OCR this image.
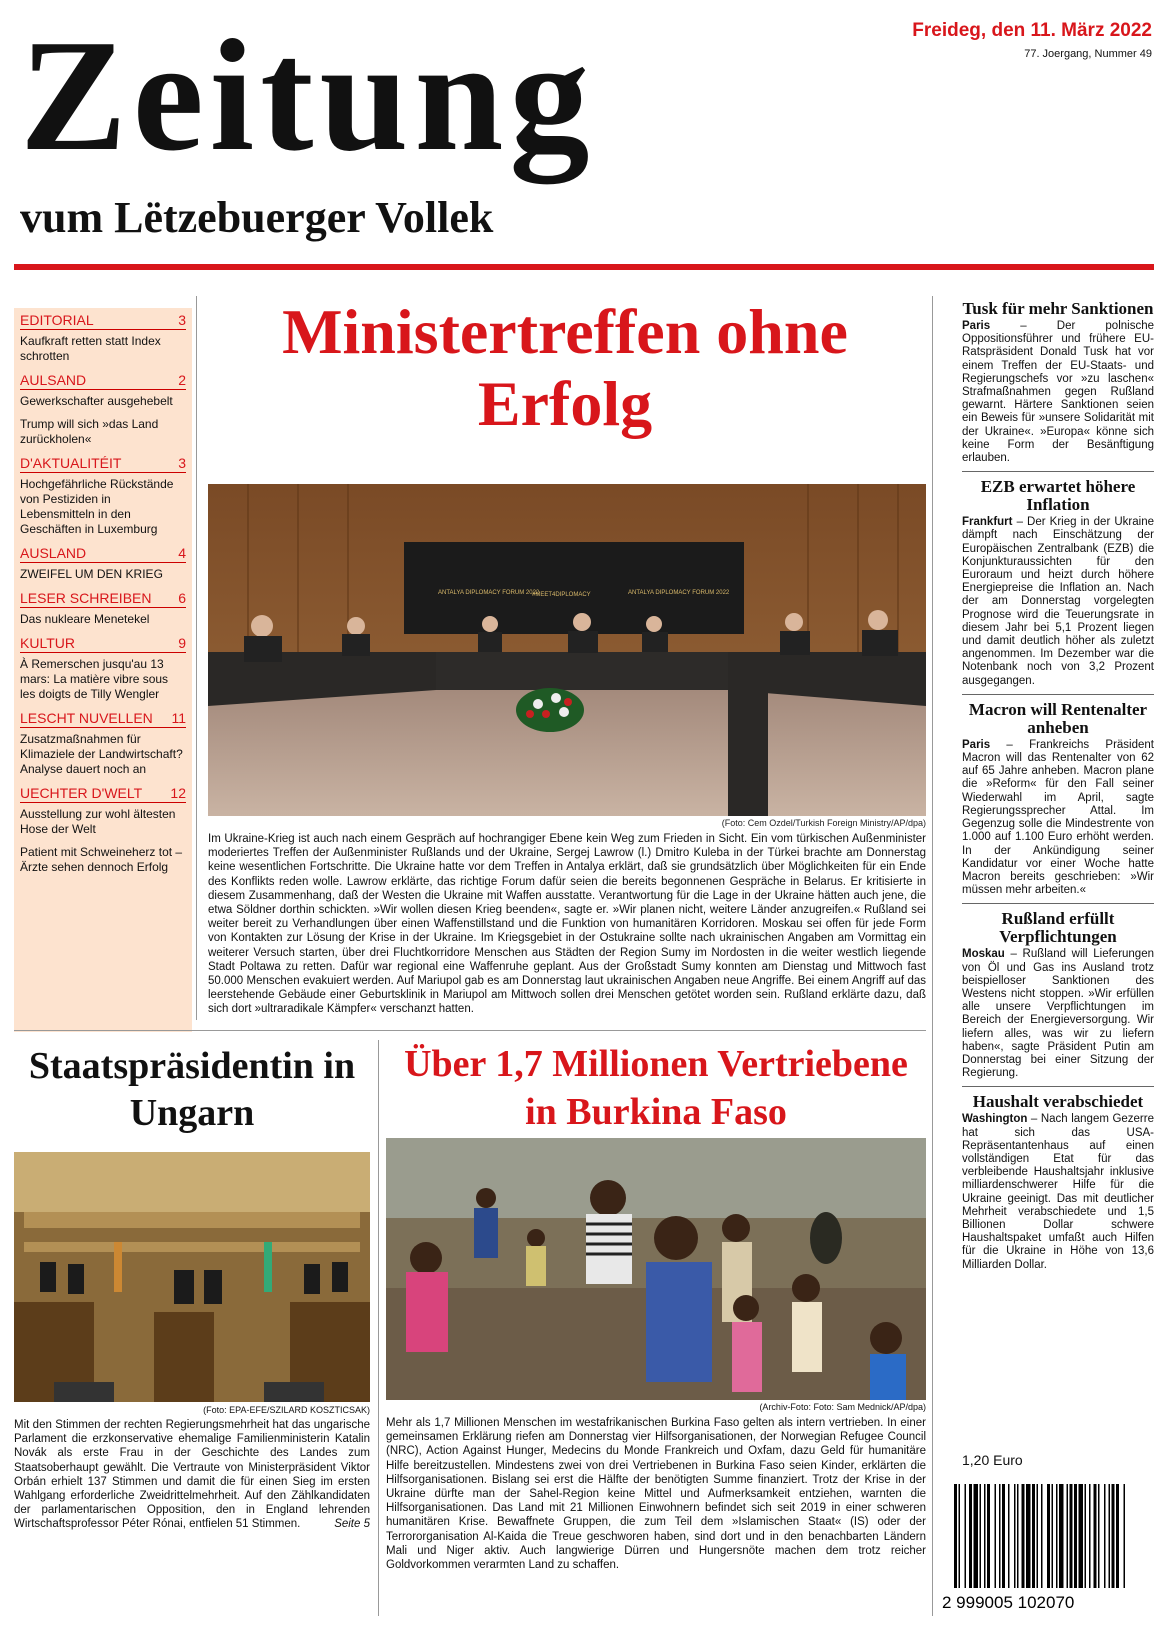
Zeitung
vum Lëtzebuerger Vollek
Freideg, den 11. März 2022
77. Joergang, Nummer 49
EDITORIAL	3
Kaufkraft retten statt Index schrotten
AULSAND	2
Gewerkschafter ausgehebelt
Trump will sich »das Land zurückholen«
D'AKTUALITÉIT	3
Hochgefährliche Rückstände von Pestiziden in Lebensmitteln in den Geschäften in Luxemburg
AUSLAND	4
ZWEIFEL UM DEN KRIEG
LESER SCHREIBEN 6
Das nukleare Menetekel
KULTUR	9
À Remerschen jusqu'au 13 mars: La matière vibre sous les doigts de Tilly Wengler
LESCHT NUVELLEN 11
Zusatzmaßnahmen für Klimaziele der Landwirtschaft? Analyse dauert noch an
UECHTER D'WELT 12
Ausstellung zur wohl ältesten Hose der Welt
Patient mit Schweineherz tot – Ärzte sehen dennoch Erfolg
Ministertreffen ohne Erfolg
ANTALYA DIPLOMACY FORUM 2022
#MEET4DIPLOMACY	ANTALYA DIPLOMACY FORUM 2022
(Foto: Cem Ozdel/Turkish Foreign Ministry/AP/dpa)
Im Ukraine-Krieg ist auch nach einem Gespräch auf hochrangiger Ebene kein Weg zum Frieden in Sicht. Ein vom türkischen Außenminister moderiertes Treffen der Außenminister Rußlands und der Ukraine, Sergej Lawrow (l.) Dmitro Kuleba in der Türkei brachte am Donnerstag keine wesentlichen Fortschritte. Die Ukraine hatte vor dem Treffen in Antalya erklärt, daß sie grundsätzlich über Möglichkeiten für ein Ende des Konflikts reden wolle. Lawrow erklärte, das richtige Forum dafür seien die bereits begonnenen Gespräche in Belarus. Er kritisierte in diesem Zusammenhang, daß der Westen die Ukraine mit Waffen ausstatte. Verantwortung für die Lage in der Ukraine hätten auch jene, die etwa Söldner dorthin schickten. »Wir wollen diesen Krieg beenden«, sagte er. »Wir planen nicht, weitere Länder anzugreifen.« Rußland sei weiter bereit zu Verhandlungen über einen Waffenstillstand und die Funktion von humanitären Korridoren. Moskau sei offen für jede Form von Kontakten zur Lösung der Krise in der Ukraine. Im Kriegsgebiet in der Ostukraine sollte nach ukrainischen Angaben am Vormittag ein weiterer Versuch starten, über drei Fluchtkorridore Menschen aus Städten der Region Sumy im Nordosten in die weiter westlich liegende Stadt Poltawa zu retten. Dafür war regional eine Waffenruhe geplant. Aus der Großstadt Sumy konnten am Dienstag und Mittwoch fast 50.000 Menschen evakuiert werden. Auf Mariupol gab es am Donnerstag laut ukrainischen Angaben neue Angriffe. Bei einem Angriff auf das leerstehende Gebäude einer Geburtsklinik in Mariupol am Mittwoch sollen drei Menschen getötet worden sein. Rußland erklärte dazu, daß sich dort »ultraradikale Kämpfer« verschanzt hatten.
Tusk für mehr Sanktionen
Paris – Der polnische Oppositionsführer und frühere EU-Ratspräsident Donald Tusk hat vor einem Treffen der EU-Staats- und Regierungschefs vor »zu laschen« Strafmaßnahmen gegen Rußland gewarnt. Härtere Sanktionen seien ein Beweis für »unsere Solidarität mit der Ukraine«. »Europa« könne sich keine Form der Besänftigung erlauben.
EZB erwartet höhere Inflation
Frankfurt – Der Krieg in der Ukraine dämpft nach Einschätzung der Europäischen Zentralbank (EZB) die Konjunkturaussichten für den Euroraum und heizt durch höhere Energiepreise die Inflation an. Nach der am Donnerstag vorgelegten Prognose wird die Teuerungsrate in diesem Jahr bei 5,1 Prozent liegen und damit deutlich höher als zuletzt angenommen. Im Dezember war die Notenbank noch von 3,2 Prozent ausgegangen.
Macron will Rentenalter anheben
Paris – Frankreichs Präsident Macron will das Rentenalter von 62 auf 65 Jahre anheben. Macron plane die »Reform« für den Fall seiner Wiederwahl im April, sagte Regierungssprecher Attal. Im Gegenzug solle die Mindestrente von 1.000 auf 1.100 Euro erhöht werden. In der Ankündigung seiner Kandidatur vor einer Woche hatte Macron bereits geschrieben: »Wir müssen mehr arbeiten.«
Rußland erfüllt Verpflichtungen
Moskau – Rußland will Lieferungen von Öl und Gas ins Ausland trotz beispielloser Sanktionen des Westens nicht stoppen. »Wir erfüllen alle unsere Verpflichtungen im Bereich der Energieversorgung. Wir liefern alles, was wir zu liefern haben«, sagte Präsident Putin am Donnerstag bei einer Sitzung der Regierung.
Haushalt verabschiedet
Washington – Nach langem Gezerre hat sich das USA-Repräsentantenhaus auf einen vollständigen Etat für das verbleibende Haushaltsjahr inklusive milliardenschwerer Hilfe für die Ukraine geeinigt. Das mit deutlicher Mehrheit verabschiedete und 1,5 Billionen Dollar schwere Haushaltspaket umfaßt auch Hilfen für die Ukraine in Höhe von 13,6 Milliarden Dollar.
Staatspräsidentin in Ungarn
(Foto: EPA-EFE/SZILARD KOSZTICSAK)
Mit den Stimmen der rechten Regierungsmehrheit hat das ungarische Parlament die erzkonservative ehemalige Familienministerin Katalin Novák als erste Frau in der Geschichte des Landes zum Staatsoberhaupt gewählt. Die Vertraute von Ministerpräsident Viktor Orbán erhielt 137 Stimmen und damit die für einen Sieg im ersten Wahlgang erforderliche Zweidrittelmehrheit. Auf den Zählkandidaten der parlamentarischen Opposition, den in England lehrenden Wirtschaftsprofessor Péter Rónai, entfielen 51 Stimmen.	Seite 5
Über 1,7 Millionen Vertriebene in Burkina Faso
(Archiv-Foto: Foto: Sam Mednick/AP/dpa)
Mehr als 1,7 Millionen Menschen im westafrikanischen Burkina Faso gelten als intern vertrieben. In einer gemeinsamen Erklärung riefen am Donnerstag vier Hilfsorganisationen, der Norwegian Refugee Council (NRC), Action Against Hunger, Medecins du Monde Frankreich und Oxfam, dazu Geld für humanitäre Hilfe bereitzustellen. Mindestens zwei von drei Vertriebenen in Burkina Faso seien Kinder, erklärten die Hilfsorganisationen. Bislang sei erst die Hälfte der benötigten Summe finanziert. Trotz der Krise in der Ukraine dürfte man der Sahel-Region keine Mittel und Aufmerksamkeit entziehen, warnten die Hilfsorganisationen. Das Land mit 21 Millionen Einwohnern befindet sich seit 2019 in einer schweren humanitären Krise. Bewaffnete Gruppen, die zum Teil dem »Islamischen Staat« (IS) oder der Terrororganisation Al-Kaida die Treue geschworen haben, sind dort und in den benachbarten Ländern Mali und Niger aktiv. Auch langwierige Dürren und Hungersnöte machen dem trotz reicher Goldvorkommen verarmten Land zu schaffen.
1,20 Euro
2 999005 102070
